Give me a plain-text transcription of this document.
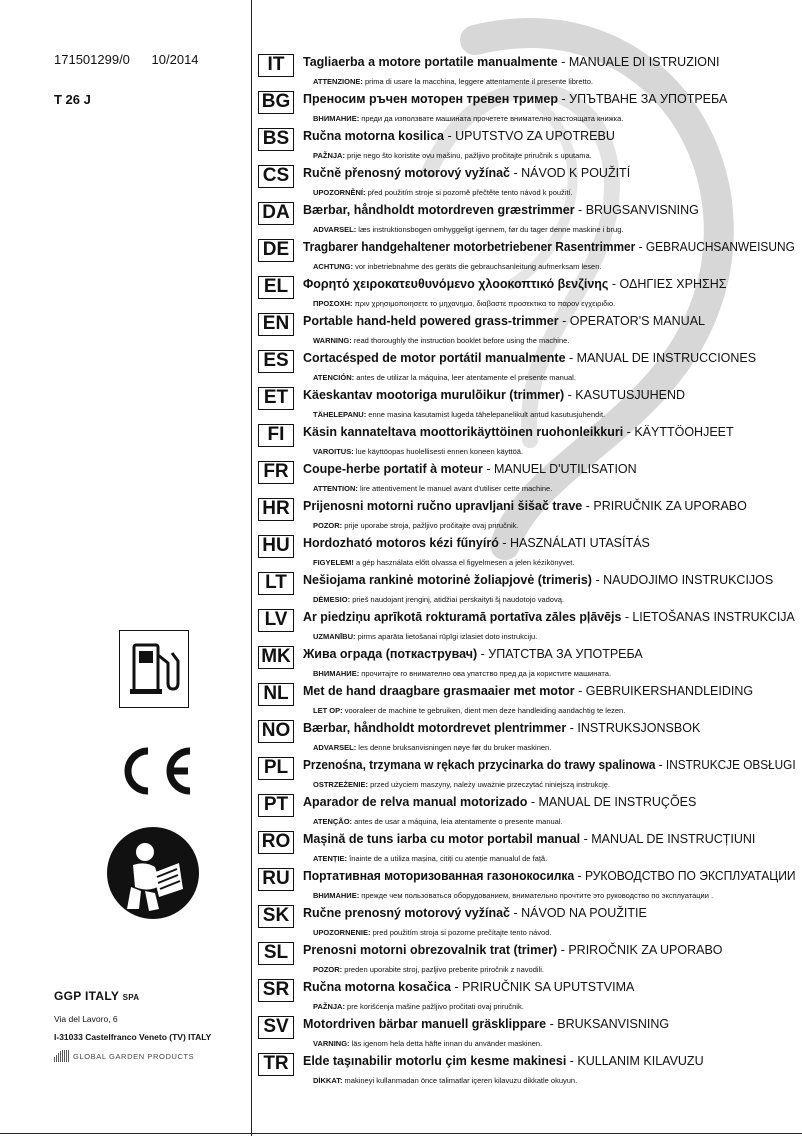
171501299/0 10/2014
T 26 J
GGP ITALY SPA
Via del Lavoro, 6
I-31033 Castelfranco Veneto (TV) ITALY
GLOBAL GARDEN PRODUCTS
IT	Tagliaerba a motore portatile manualmente - MANUALE DI ISTRUZIONI
ATTENZIONE: prima di usare la macchina, leggere attentamente il presente libretto.
BG	Преносим ръчен моторен тревен тример - УПЪТВАНЕ ЗА УПОТРЕБА
ВНИМАНИЕ: преди да използвате машината прочетете внимателно настоящата книжка.
BS	Ručna motorna kosilica - UPUTSTVO ZA UPOTREBU
PAŽNJA: prije nego što koristite ovu mašinu, pažljivo pročitajte priručnik s uputama.
CS	Ručně přenosný motorový vyžínač - NÁVOD K POUŽITÍ
UPOZORNĚNÍ: před použitím stroje si pozorně přečtěte tento návod k použití.
DA	Bærbar, håndholdt motordreven græstrimmer - BRUGSANVISNING
ADVARSEL: læs instruktionsbogen omhyggeligt igennem, før du tager denne maskine i brug.
DE	Tragbarer handgehaltener motorbetriebener Rasentrimmer - GEBRAUCHSANWEISUNG
ACHTUNG: vor inbetriebnahme des geräts die gebrauchsanleitung aufmerksam lesen.
EL	Φορητό χειροκατευθυνόμενο χλοοκοπτικό βενζίνης - ΟΔΗΓΙΕΣ ΧΡΗΣΗΣ
ΠΡΟΣΟΧΗ: πριν χρησιμοποιησετε το μηχανημα, διαβαστε προσεκτικα το παρον εγχειριδιο.
EN	Portable hand-held powered grass-trimmer - OPERATOR'S MANUAL
WARNING: read thoroughly the instruction booklet before using the machine.
ES	Cortacésped de motor portátil manualmente - MANUAL DE INSTRUCCIONES
ATENCIÓN: antes de utilizar la máquina, leer atentamente el presente manual.
ET	Käeskantav mootoriga murulõikur (trimmer) - KASUTUSJUHEND
TÄHELEPANU: enne masina kasutamist lugeda tähelepanelikult antud kasutusjuhendit.
FI	Käsin kannateltava moottorikäyttöinen ruohonleikkuri - KÄYTTÖOHJEET
VAROITUS: lue käyttöopas huolellisesti ennen koneen käyttöä.
FR	Coupe-herbe portatif à moteur - MANUEL D'UTILISATION
ATTENTION: lire attentivement le manuel avant d'utiliser cette machine.
HR	Prijenosni motorni ručno upravljani šišač trave - PRIRUČNIK ZA UPORABO
POZOR: prije uporabe stroja, pažljivo pročitajte ovaj priručnik.
HU	Hordozható motoros kézi fűnyíró - HASZNÁLATI UTASÍTÁS
FIGYELEM! a gép használata előtt olvassa el figyelmesen a jelen kézikönyvet.
LT	Nešiojama rankinė motorinė žoliapjovė (trimeris) - NAUDOJIMO INSTRUKCIJOS
DĖMESIO: prieš naudojant įrenginį, atidžiai perskaityti šį naudotojo vadovą.
LV	Ar piedziņu aprīkotā rokturamā portatīva zāles pļāvējs - LIETOŠANAS INSTRUKCIJA
UZMANĪBU: pirms aparāta lietošanai rūpīgi izlasiet doto instrukciju.
MK Жива ограда (поткаструвач) - УПАТСТВА ЗА УПОТРЕБА
ВНИМАНИЕ: прочитајте го внимателно ова упатство пред да ја користите машината.
NL	Met de hand draagbare grasmaaier met motor - GEBRUIKERSHANDLEIDING
LET OP: vooraleer de machine te gebruiken, dient men deze handleiding aandachtig te lezen.
NO	Bærbar, håndholdt motordrevet plentrimmer - INSTRUKSJONSBOK
ADVARSEL: les denne bruksanvisningen nøye før du bruker maskinen.
PL	Przenośna, trzymana w rękach przycinarka do trawy spalinowa - INSTRUKCJE OBSŁUGI
OSTRZEŻENIE: przed użyciem maszyny, należy uważnie przeczytać niniejszą instrukcję.
PT	Aparador de relva manual motorizado - MANUAL DE INSTRUÇÕES
ATENÇÃO: antes de usar a máquina, leia atentamente o presente manual.
RO	Mașină de tuns iarba cu motor portabil manual - MANUAL DE INSTRUCȚIUNI
ATENȚIE: înainte de a utiliza mașina, citiți cu atenție manualul de față.
RU	Портативная моторизованная газонокосилка - РУКОВОДСТВО ПО ЭКСПЛУАТАЦИИ
ВНИМАНИЕ: прежде чем пользоваться оборудованием, внимательно прочтите это руководство по эксплуатации .
SK	Ručne prenosný motorový vyžínač - NÁVOD NA POUŽITIE
UPOZORNENIE: pred použitím stroja si pozorne prečítajte tento návod.
SL	Prenosni motorni obrezovalnik trat (trimer) - PRIROČNIK ZA UPORABO
POZOR: preden uporabite stroj, pazljivo preberite priročnik z navodili.
SR	Ručna motorna kosačica - PRIRUČNIK SA UPUTSTVIMA
PAŽNJA: pre korišćenja mašine pažljivo pročitati ovaj priručnik.
SV	Motordriven bärbar manuell gräsklippare - BRUKSANVISNING
VARNING: läs igenom hela detta häfte innan du använder maskinen.
TR	Elde taşınabilir motorlu çim kesme makinesi - KULLANIM KILAVUZU
DİKKAT: makineyi kullanmadan önce talimatlar içeren kilavuzu dikkatle okuyun.
